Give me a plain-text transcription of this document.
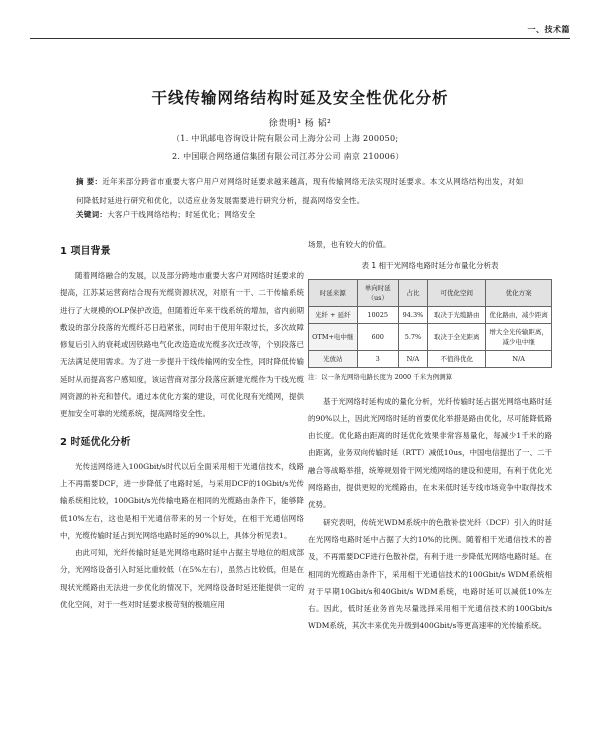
一、技术篇
干线传输网络结构时延及安全性优化分析
徐贵明¹ 杨 韬²
（1. 中讯邮电咨询设计院有限公司上海分公司 上海 200050;
2. 中国联合网络通信集团有限公司江苏分公司 南京 210006）
摘 要：近年来部分跨省市重要大客户用户对网络时延要求越来越高，现有传输网络无法实现时延要求。本文从网络结构出发，对如何降低时延进行研究和优化，以适应业务发展需要进行研究分析，提高网络安全性。
关键词：大客户干线网络结构；时延优化；网络安全
1 项目背景

随着网络融合的发展，以及部分跨地市重要大客户对网络时延要求的提高，江苏某运营商结合现有光缆资源状况，对原有一干、二干传输系统进行了大规模的OLP保护改造，但随着近年来干线系统的增加，省内前期敷设的部分段落的光缆纤芯日趋紧张，同时由于使用年限过长，多次故障修复后引入的衰耗或因铁路电气化改造造成光缆多次迁改等，个别段落已无法满足使用需求。为了进一步提升干线传输网的安全性，同时降低传输延时从而提高客户感知度，该运营商对部分段落应新建光缆作为干线光缆网资源的补充和替代。通过本优化方案的建设，可优化现有光缆网，提供更加安全可靠的光缆系统，提高网络安全性。

2 时延优化分析

光传送网络进入100Gbit/s时代以后全面采用相干光通信技术，线路上不再需要DCF，进一步降低了电路时延，与采用DCF的10Gbit/s光传输系统相比较，100Gbit/s光传输电路在相同的光缆路由条件下，能够降低10%左右，这也是相干光通信带来的另一个好处，在相干光通信网络中，光缆传输时延占到光网络电路时延的90%以上，具体分析见表1。

由此可知，光纤传输时延是光网络电路时延中占据主导地位的组成部分，光网络设备引入时延比重较低（在5%左右），虽然占比较低，但是在现状光缆路由无法进一步优化的情况下，光网络设备时延还能提供一定的优化空间，对于一些对时延要求极苛刻的极端应用

场景，也有较大的价值。

表 1 相干光网络电路时延分布量化分析表
时延来源	单向时延（us）	占比	可优化空间	优化方案
光纤 + 延纤	10025	94.3%	取决于光缆路由	优化路由，减少距离
OTM+电中继	600	5.7%	取决于全光距离	增大全光传输距离，减少电中继
光放站	3	N/A	不值得优化	N/A
注：以一条光网络电路长度为 2000 千米为例测算

基于光网络时延构成的量化分析，光纤传输时延占据光网络电路时延的90%以上，因此光网络时延的首要优化举措是路由优化，尽可能降低路由长度。优化路由距离的时延优化效果非常容易量化，每减少1千米的路由距离，业务双向传输时延（RTT）减低10us，中国电信提出了一、二干融合等战略举措，统筹规划骨干网光缆网络的建设和使用，有利于优化光网络路由，提供更短的光缆路由，在未来低时延专线市场竞争中取得技术优势。

研究表明，传统光WDM系统中的色散补偿光纤（DCF）引入的时延在光网络电路时延中占据了大约10%的比例。随着相干光通信技术的普及，不再需要DCF进行色散补偿，有利于进一步降低光网络电路时延。在相同的光缆路由条件下，采用相干光通信技术的100Gbit/s WDM系统相对于早期10Gbit/s和40Gbit/s WDM系统，电路时延可以减低10%左右。因此，低时延业务首先尽量选择采用相干光通信技术的100Gbit/s WDM系统，其次丰来优先升级到400Gbit/s等更高速率的光传输系统。
